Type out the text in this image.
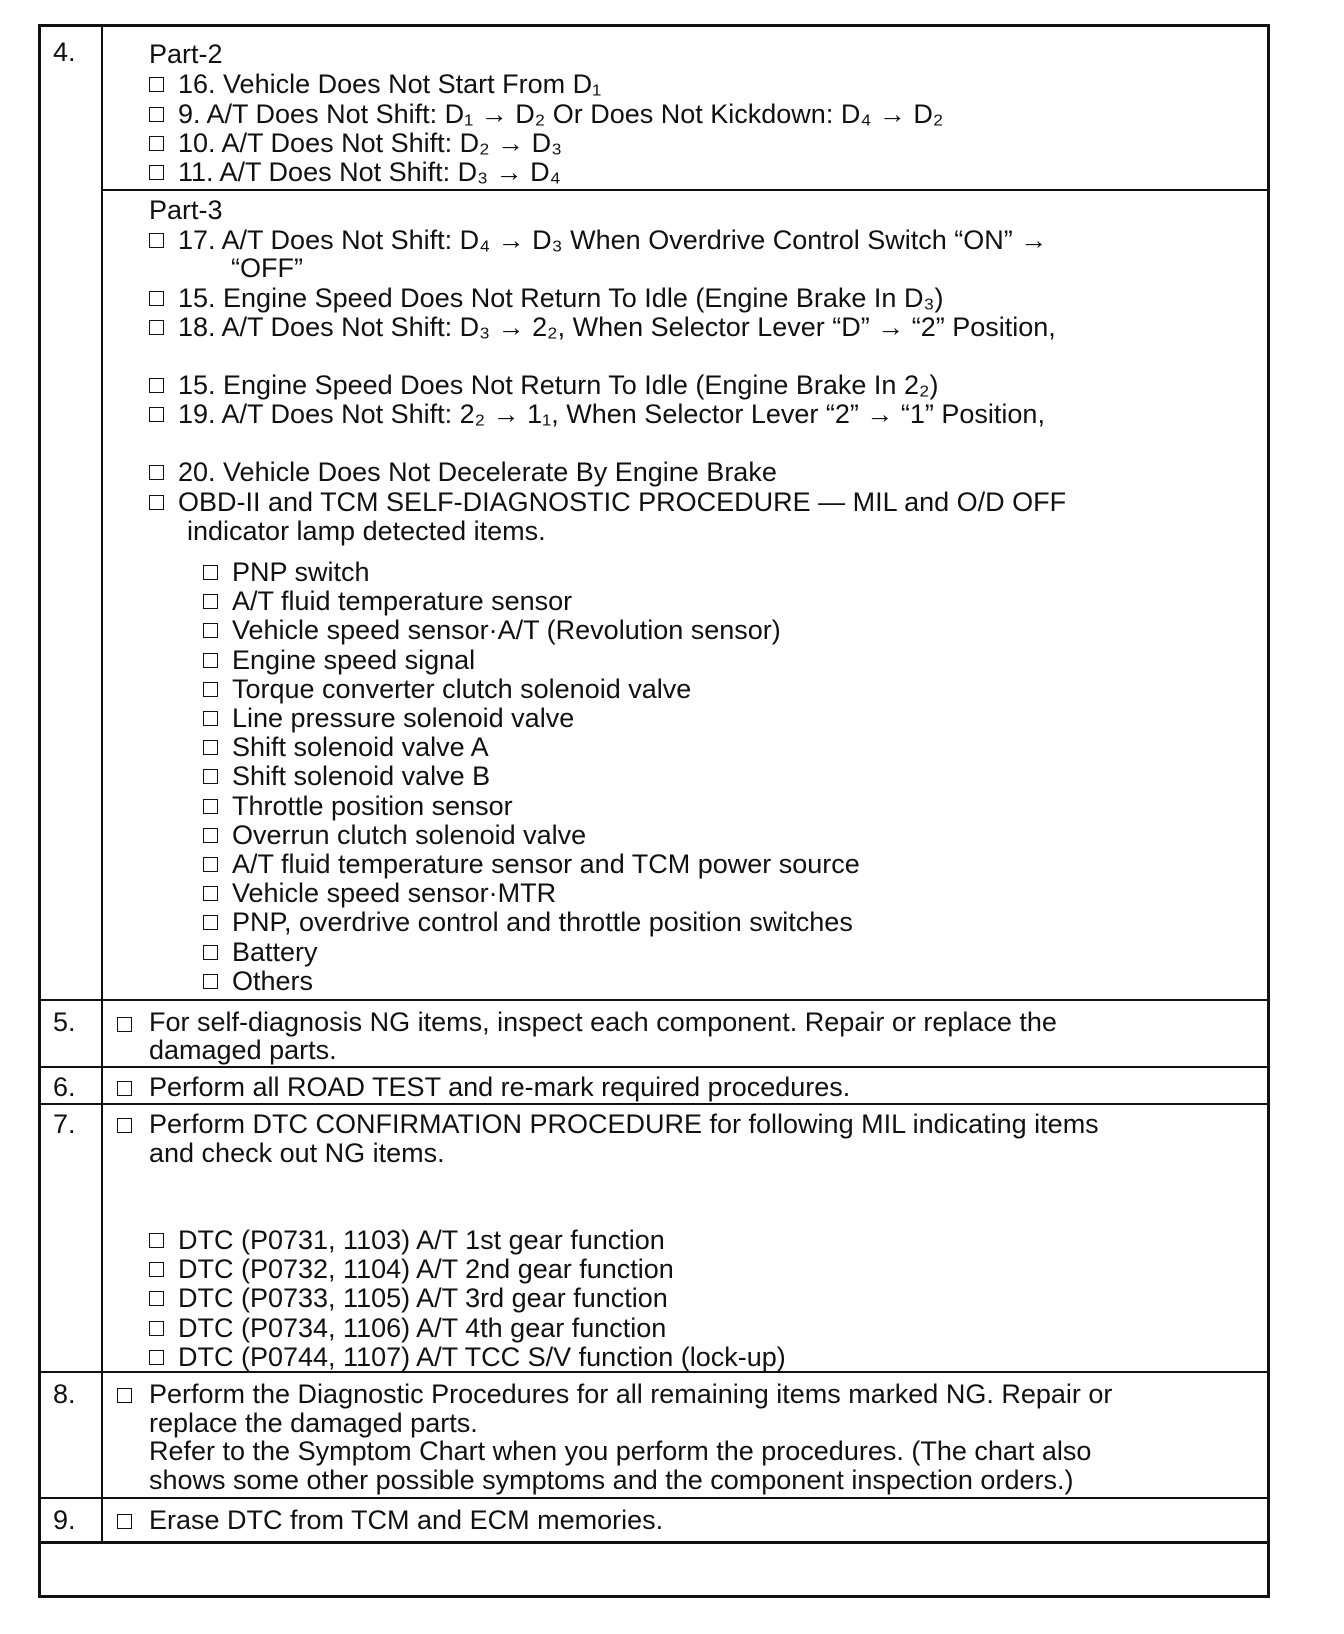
4.	Part-2
16. Vehicle Does Not Start From D₁
9. A/T Does Not Shift: D₁ → D₂ Or Does Not Kickdown: D₄ → D₂
10. A/T Does Not Shift: D₂ → D₃
11. A/T Does Not Shift: D₃ → D₄
Part-3
17. A/T Does Not Shift: D₄ → D₃ When Overdrive Control Switch “ON” →
“OFF”
15. Engine Speed Does Not Return To Idle (Engine Brake In D₃)
18. A/T Does Not Shift: D₃ → 2₂, When Selector Lever “D” → “2” Position,
15. Engine Speed Does Not Return To Idle (Engine Brake In 2₂)
19. A/T Does Not Shift: 2₂ → 1₁, When Selector Lever “2” → “1” Position,
20. Vehicle Does Not Decelerate By Engine Brake
OBD-II and TCM SELF-DIAGNOSTIC PROCEDURE — MIL and O/D OFF
indicator lamp detected items.
PNP switch
A/T fluid temperature sensor
Vehicle speed sensor·A/T (Revolution sensor)
Engine speed signal
Torque converter clutch solenoid valve
Line pressure solenoid valve
Shift solenoid valve A
Shift solenoid valve B
Throttle position sensor
Overrun clutch solenoid valve
A/T fluid temperature sensor and TCM power source
Vehicle speed sensor·MTR
PNP, overdrive control and throttle position switches
Battery
Others
5.	For self-diagnosis NG items, inspect each component. Repair or replace the
damaged parts.
6.	Perform all ROAD TEST and re-mark required procedures.
7.	Perform DTC CONFIRMATION PROCEDURE for following MIL indicating items
and check out NG items.
DTC (P0731, 1103) A/T 1st gear function
DTC (P0732, 1104) A/T 2nd gear function
DTC (P0733, 1105) A/T 3rd gear function
DTC (P0734, 1106) A/T 4th gear function
DTC (P0744, 1107) A/T TCC S/V function (lock-up)
8.	Perform the Diagnostic Procedures for all remaining items marked NG. Repair or
replace the damaged parts.
Refer to the Symptom Chart when you perform the procedures. (The chart also
shows some other possible symptoms and the component inspection orders.)
9.	Erase DTC from TCM and ECM memories.
